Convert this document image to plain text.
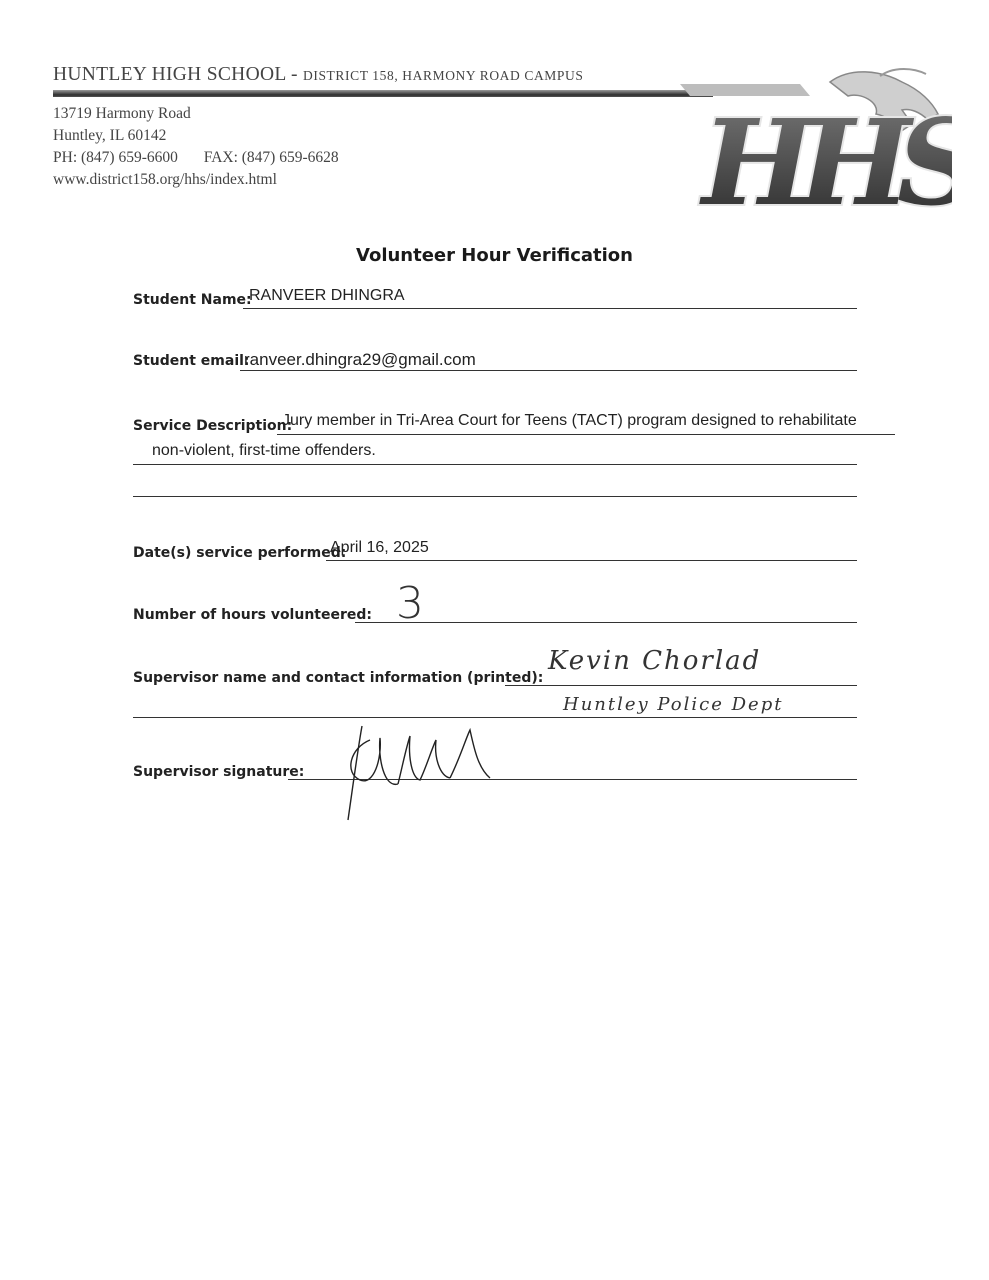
HUNTLEY HIGH SCHOOL - DISTRICT 158, HARMONY ROAD CAMPUS
13719 Harmony Road
Huntley, IL 60142
PH: (847) 659-6600 FAX: (847) 659-6628
www.district158.org/hhs/index.html	HHS
Volunteer Hour Verification
Student Name:
RANVEER DHINGRA
Student email:
ranveer.dhingra29@gmail.com
Service Description:
Jury member in Tri-Area Court for Teens (TACT) program designed to rehabilitate
non-violent, first-time offenders.
Date(s) service performed:
April 16, 2025
Number of hours volunteered: 3
Supervisor name and contact information (printed):
Kevin Chorlad
Huntley Police Dept
Supervisor signature:
